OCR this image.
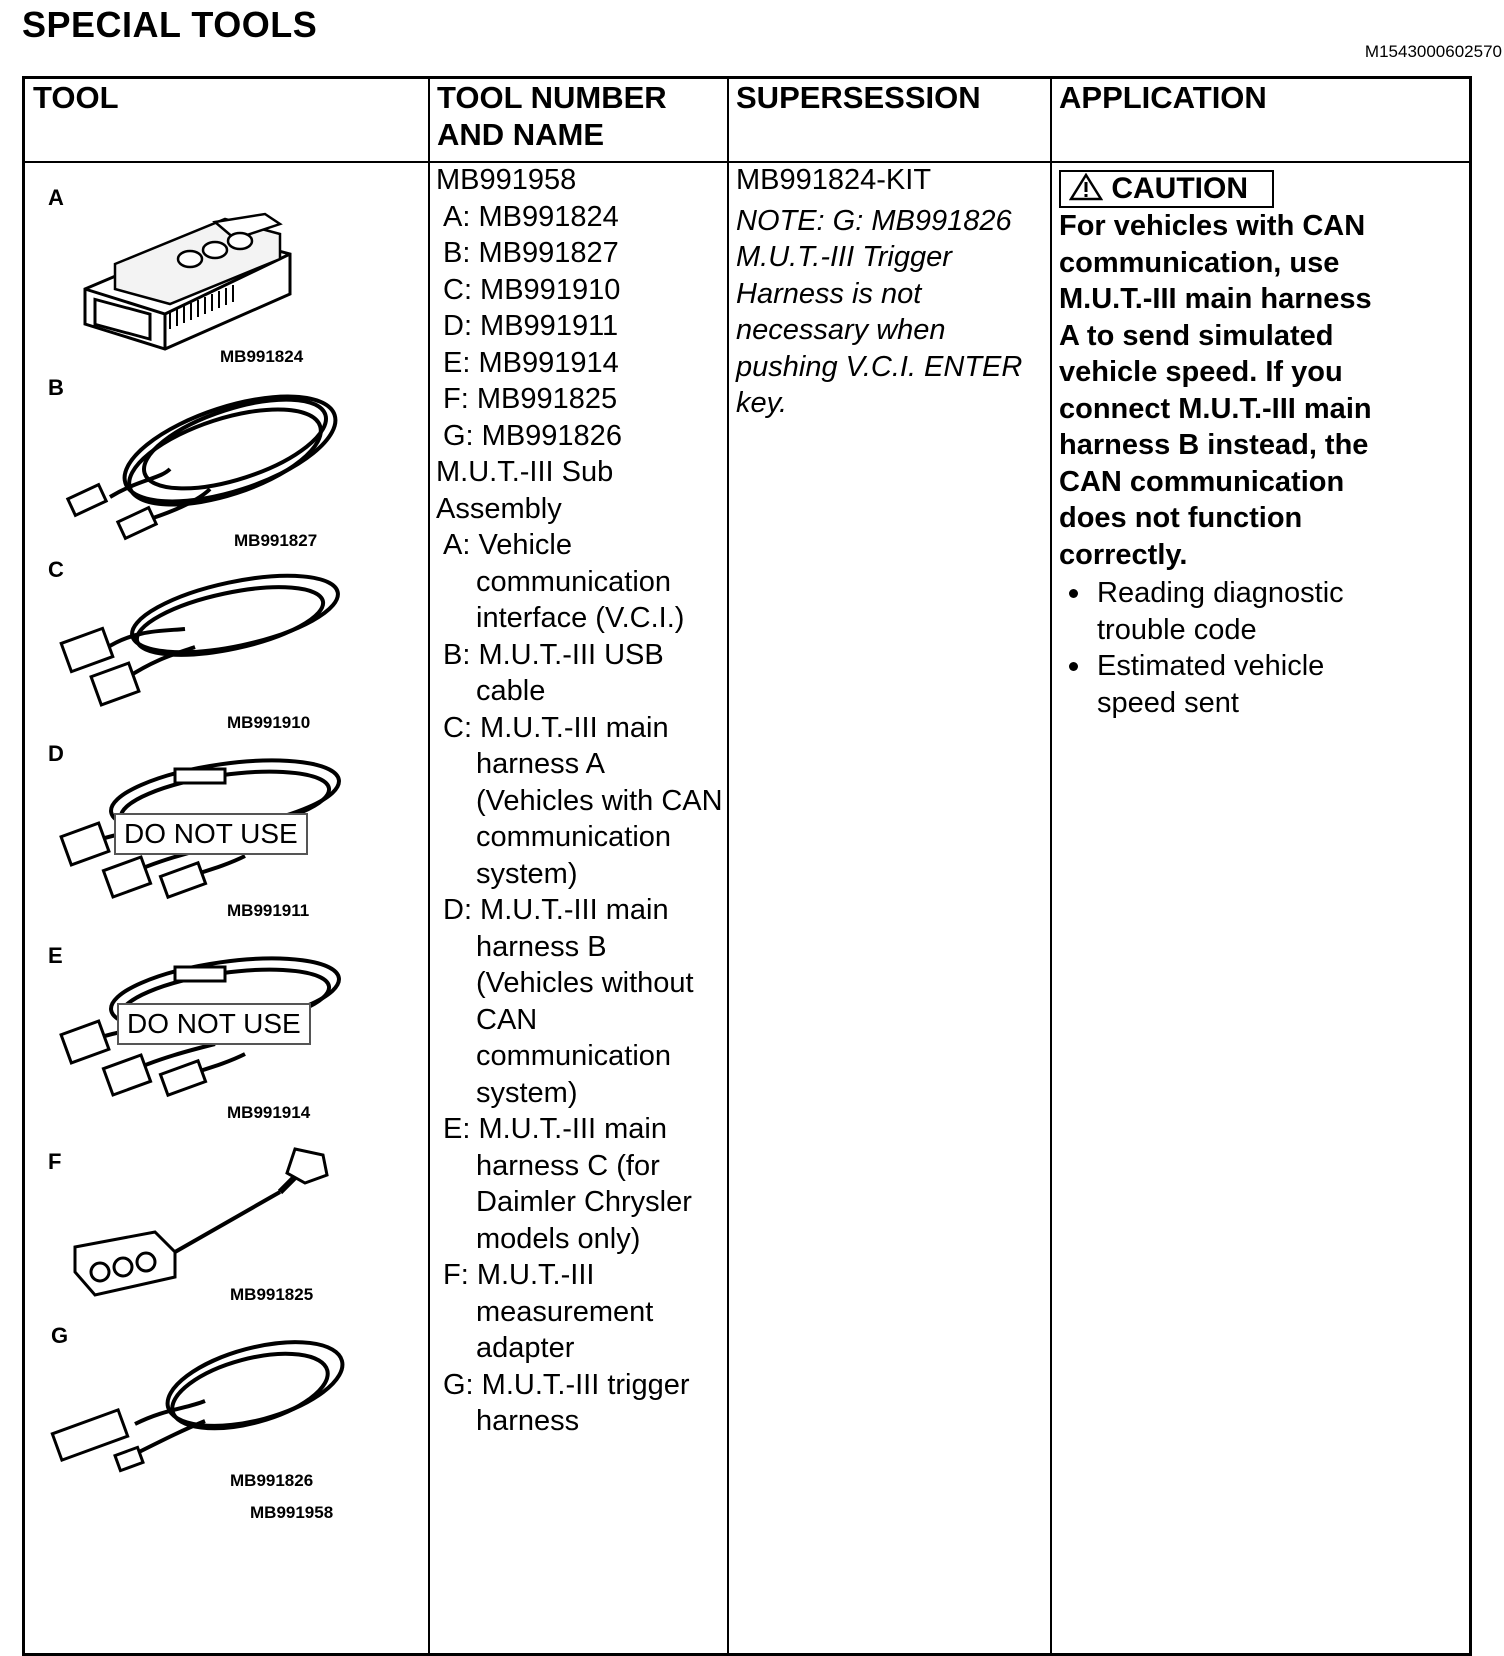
SPECIAL TOOLS
M1543000602570
TOOL	TOOL NUMBER
AND NAME
SUPERSESSION	APPLICATION
A
MB991824
B
MB991827
C
MB991910
D
DO NOT USE
MB991911
E
DO NOT USE
MB991914
F
MB991825
G
MB991826
MB991958
MB991958
A: MB991824
B: MB991827
C: MB991910
D: MB991911
E: MB991914
F: MB991825
G: MB991826
M.U.T.-III Sub
Assembly
A: Vehicle
communication
interface (V.C.I.)
B: M.U.T.-III USB
cable
C: M.U.T.-III main
harness A
(Vehicles with CAN
communication
system)
D: M.U.T.-III main
harness B
(Vehicles without
CAN
communication
system)
E: M.U.T.-III main
harness C (for
Daimler Chrysler
models only)
F: M.U.T.-III
measurement
adapter
G: M.U.T.-III trigger
harness
MB991824-KIT
NOTE: G: MB991826
M.U.T.-III Trigger
Harness is not
necessary when
pushing V.C.I. ENTER
key.
CAUTION
For vehicles with CAN
communication, use
M.U.T.-III main harness
A to send simulated
vehicle speed. If you
connect M.U.T.-III main
harness B instead, the
CAN communication
does not function
correctly.
Reading diagnostic
trouble code
Estimated vehicle
speed sent
